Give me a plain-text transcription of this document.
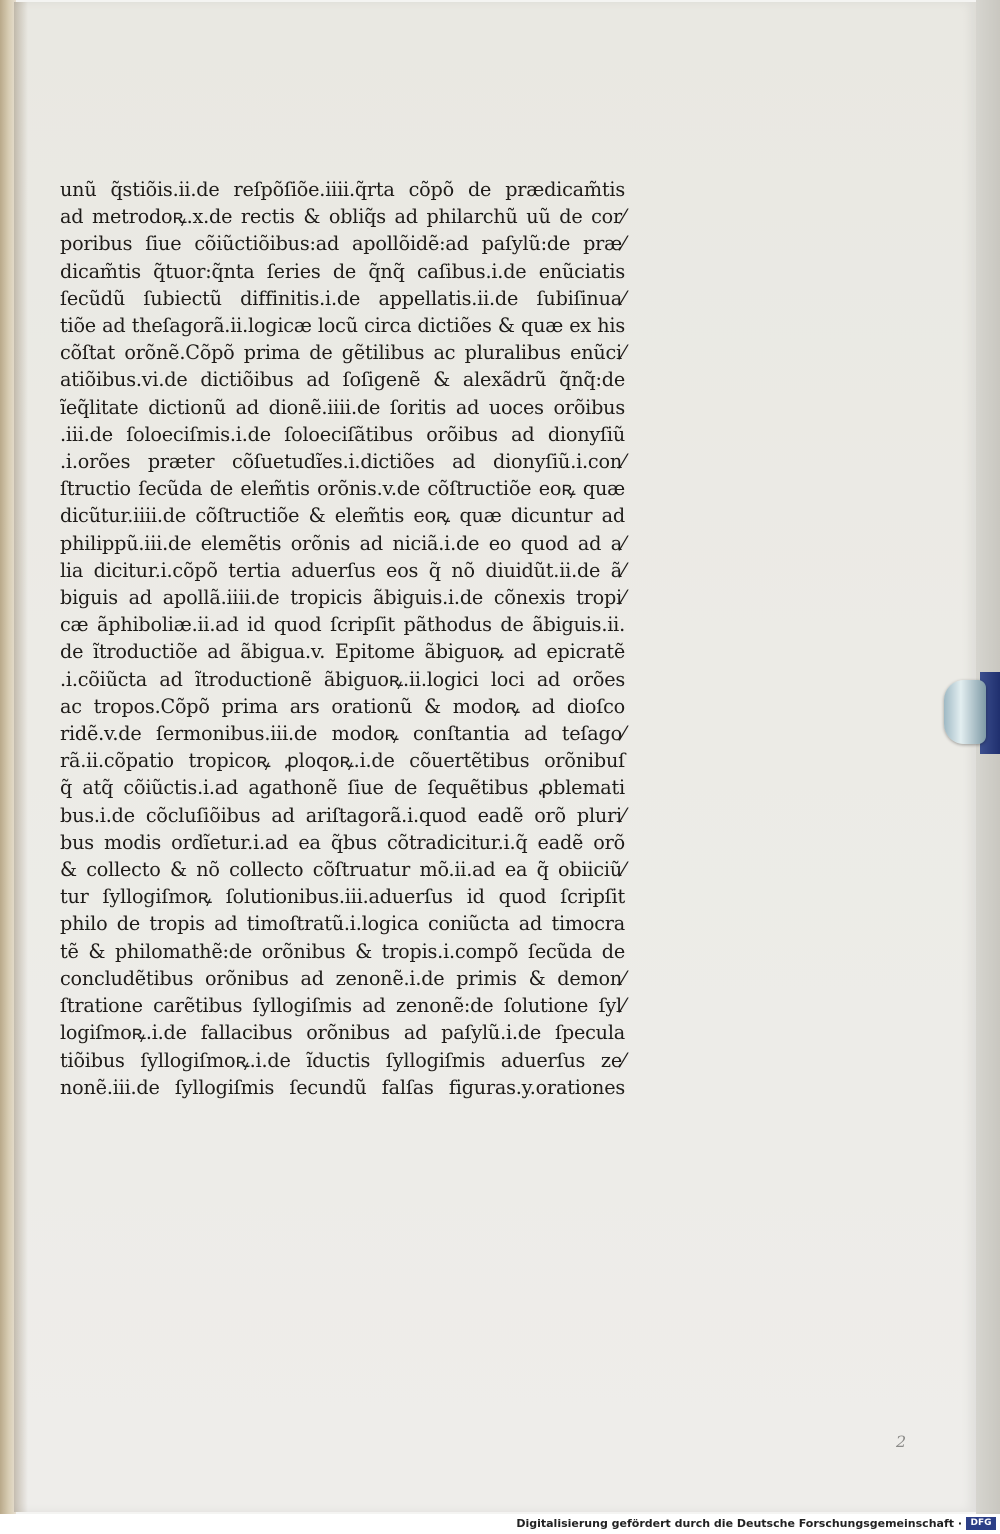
unũ q̃stiõis.ii.de reſpõſiõe.iiii.q̃rta cõpõ de prædicam̃tis
ad metrodoꝶ.x.de rectis & obliq̃s ad philarchũ uũ de cor⁄
poribus ſiue cõiũctiõibus:ad apollõidẽ:ad paſylũ:de præ⁄
dicam̃tis q̃tuor:q̃nta ſeries de q̃nq̃ caſibus.i.de enũciatis
ſecũdũ ſubiectũ diffinitis.i.de appellatis.ii.de ſubiſinua⁄
tiõe ad theſagorã.ii.logicæ locũ circa dictiões & quæ ex his
cõſtat orõnẽ.Cõpõ prima de gẽtilibus ac pluralibus enũci⁄
atiõibus.vi.de dictiõibus ad ſoſigenẽ & alexãdrũ q̃nq̃:de
ĩeq̃litate dictionũ ad dionẽ.iiii.de ſoritis ad uoces orõibus
.iii.de ſoloeciſmis.i.de ſoloeciſãtibus orõibus ad dionyſiũ
.i.orões præter cõſuetudĩes.i.dictiões ad dionyſiũ.i.con⁄
ſtructio ſecũda de elem̃tis orõnis.v.de cõſtructiõe eoꝶ quæ
dicũtur.iiii.de cõſtructiõe & elem̃tis eoꝶ quæ dicuntur ad
philippũ.iii.de elemẽtis orõnis ad niciã.i.de eo quod ad a⁄
lia dicitur.i.cõpõ tertia aduerſus eos q̃ nõ diuidũt.ii.de ã⁄
biguis ad apollã.iiii.de tropicis ãbiguis.i.de cõnexis tropi⁄
cæ ãphiboliæ.ii.ad id quod ſcripſit pãthodus de ãbiguis.ii.
de ĩtroductiõe ad ãbigua.v. Epitome ãbiguoꝶ ad epicratẽ
.i.cõiũcta ad ĩtroductionẽ ãbiguoꝶ.ii.logici loci ad orões
ac tropos.Cõpõ prima ars orationũ & modoꝶ ad dioſco
ridẽ.v.de ſermonibus.iii.de modoꝶ conſtantia ad teſago⁄
rã.ii.cõpatio tropicoꝶ ꝓloqoꝶ.i.de cõuertẽtibus orõnibuſ
q̃ atq̃ cõiũctis.i.ad agathonẽ ſiue de ſequẽtibus ꝓblemati
bus.i.de cõcluſiõibus ad ariſtagorã.i.quod eadẽ orõ pluri⁄
bus modis ordĩetur.i.ad ea q̃bus cõtradicitur.i.q̃ eadẽ orõ
& collecto & nõ collecto cõſtruatur mõ.ii.ad ea q̃ obiiciũ⁄
tur ſyllogiſmoꝶ ſolutionibus.iii.aduerſus id quod ſcripſit
philo de tropis ad timoſtratũ.i.logica coniũcta ad timocra
tẽ & philomathẽ:de orõnibus & tropis.i.compõ ſecũda de
concludẽtibus orõnibus ad zenonẽ.i.de primis & demon⁄
ſtratione carẽtibus ſyllogiſmis ad zenonẽ:de ſolutione ſyl⁄
logiſmoꝶ.i.de fallacibus orõnibus ad paſylũ.i.de ſpecula
tiõibus ſyllogiſmoꝶ.i.de ĩductis ſyllogiſmis aduerſus ze⁄
nonẽ.iii.de ſyllogiſmis ſecundũ falſas figuras.y.orationes
2
Digitalisierung gefördert durch die Deutsche Forschungsgemeinschaft · DFG
